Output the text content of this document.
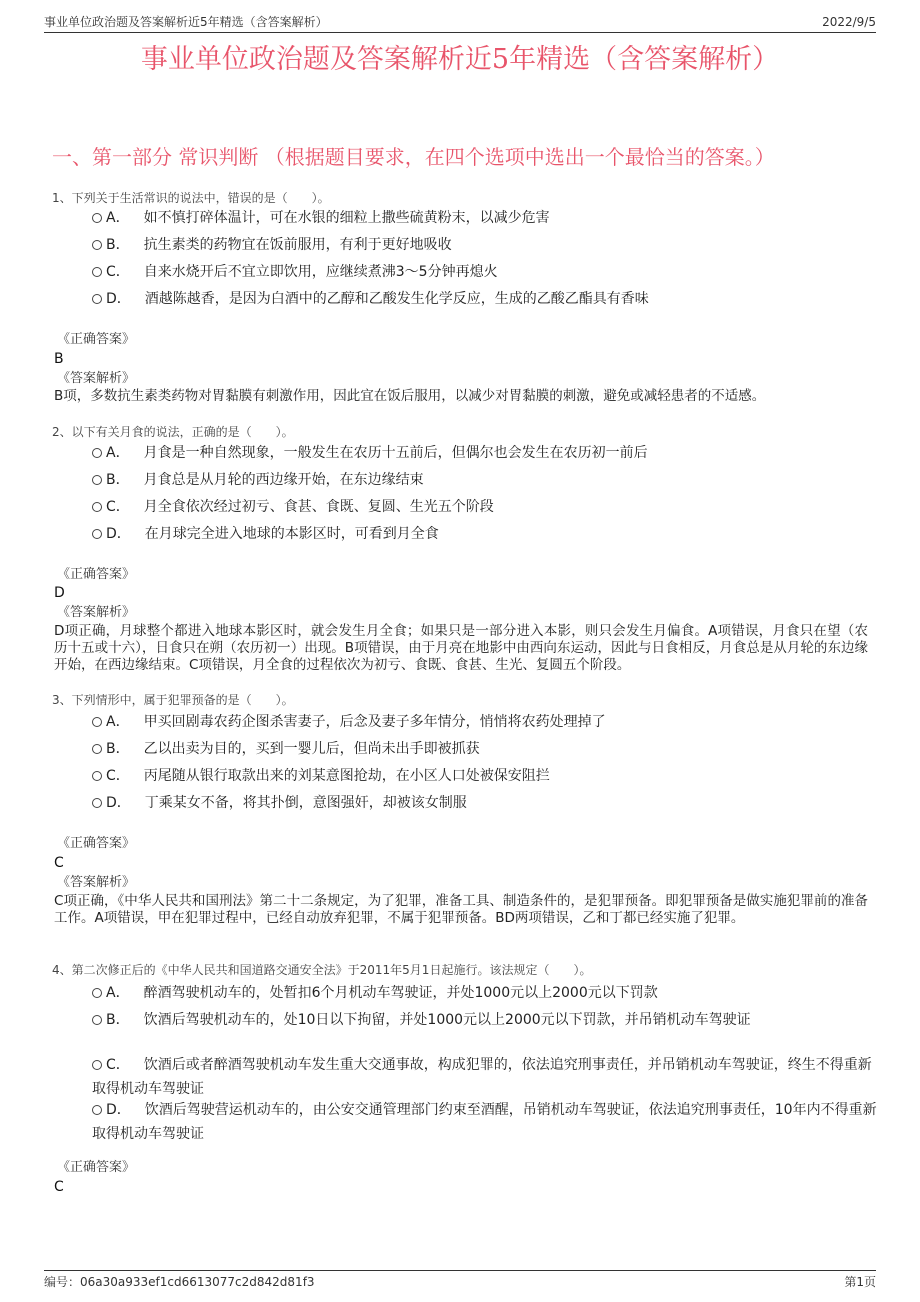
事业单位政治题及答案解析近5年精选（含答案解析）	2022/9/5
事业单位政治题及答案解析近5年精选（含答案解析）
一、第一部分 常识判断 （根据题目要求，在四个选项中选出一个最恰当的答案。）
1、下列关于生活常识的说法中，错误的是（　　）。
A． 如不慎打碎体温计，可在水银的细粒上撒些硫黄粉末，以减少危害
B． 抗生素类的药物宜在饭前服用，有利于更好地吸收
C． 自来水烧开后不宜立即饮用，应继续煮沸3～5分钟再熄火
D． 酒越陈越香，是因为白酒中的乙醇和乙酸发生化学反应，生成的乙酸乙酯具有香味
《正确答案》
B
《答案解析》
B项，多数抗生素类药物对胃黏膜有刺激作用，因此宜在饭后服用，以减少对胃黏膜的刺激，避免或减轻患者的不适感。
2、以下有关月食的说法，正确的是（　　）。
A． 月食是一种自然现象，一般发生在农历十五前后，但偶尔也会发生在农历初一前后
B． 月食总是从月轮的西边缘开始，在东边缘结束
C． 月全食依次经过初亏、食甚、食既、复圆、生光五个阶段
D． 在月球完全进入地球的本影区时，可看到月全食
《正确答案》
D
《答案解析》
D项正确，月球整个都进入地球本影区时，就会发生月全食；如果只是一部分进入本影，则只会发生月偏食。A项错误，月食只在望（农历十五或十六），日食只在朔（农历初一）出现。B项错误，由于月亮在地影中由西向东运动，因此与日食相反，月食总是从月轮的东边缘开始，在西边缘结束。C项错误，月全食的过程依次为初亏、食既、食甚、生光、复圆五个阶段。
3、下列情形中，属于犯罪预备的是（　　）。
A． 甲买回剧毒农药企图杀害妻子，后念及妻子多年情分，悄悄将农药处理掉了
B． 乙以出卖为目的，买到一婴儿后，但尚未出手即被抓获
C． 丙尾随从银行取款出来的刘某意图抢劫，在小区人口处被保安阻拦
D． 丁乘某女不备，将其扑倒，意图强奸，却被该女制服
《正确答案》
C
《答案解析》
C项正确，《中华人民共和国刑法》第二十二条规定，为了犯罪，准备工具、制造条件的，是犯罪预备。即犯罪预备是做实施犯罪前的准备工作。A项错误，甲在犯罪过程中，已经自动放弃犯罪，不属于犯罪预备。BD两项错误，乙和丁都已经实施了犯罪。
4、第二次修正后的《中华人民共和国道路交通安全法》于2011年5月1日起施行。该法规定（　　）。
A． 醉酒驾驶机动车的，处暂扣6个月机动车驾驶证，并处1000元以上2000元以下罚款
B． 饮酒后驾驶机动车的，处10日以下拘留，并处1000元以上2000元以下罚款，并吊销机动车驾驶证
C． 饮酒后或者醉酒驾驶机动车发生重大交通事故，构成犯罪的，依法追究刑事责任，并吊销机动车驾驶证，终生不得重新取得机动车驾驶证
D． 饮酒后驾驶营运机动车的，由公安交通管理部门约束至酒醒，吊销机动车驾驶证，依法追究刑事责任，10年内不得重新取得机动车驾驶证
《正确答案》
C
编号：06a30a933ef1cd6613077c2d842d81f3	第1页
